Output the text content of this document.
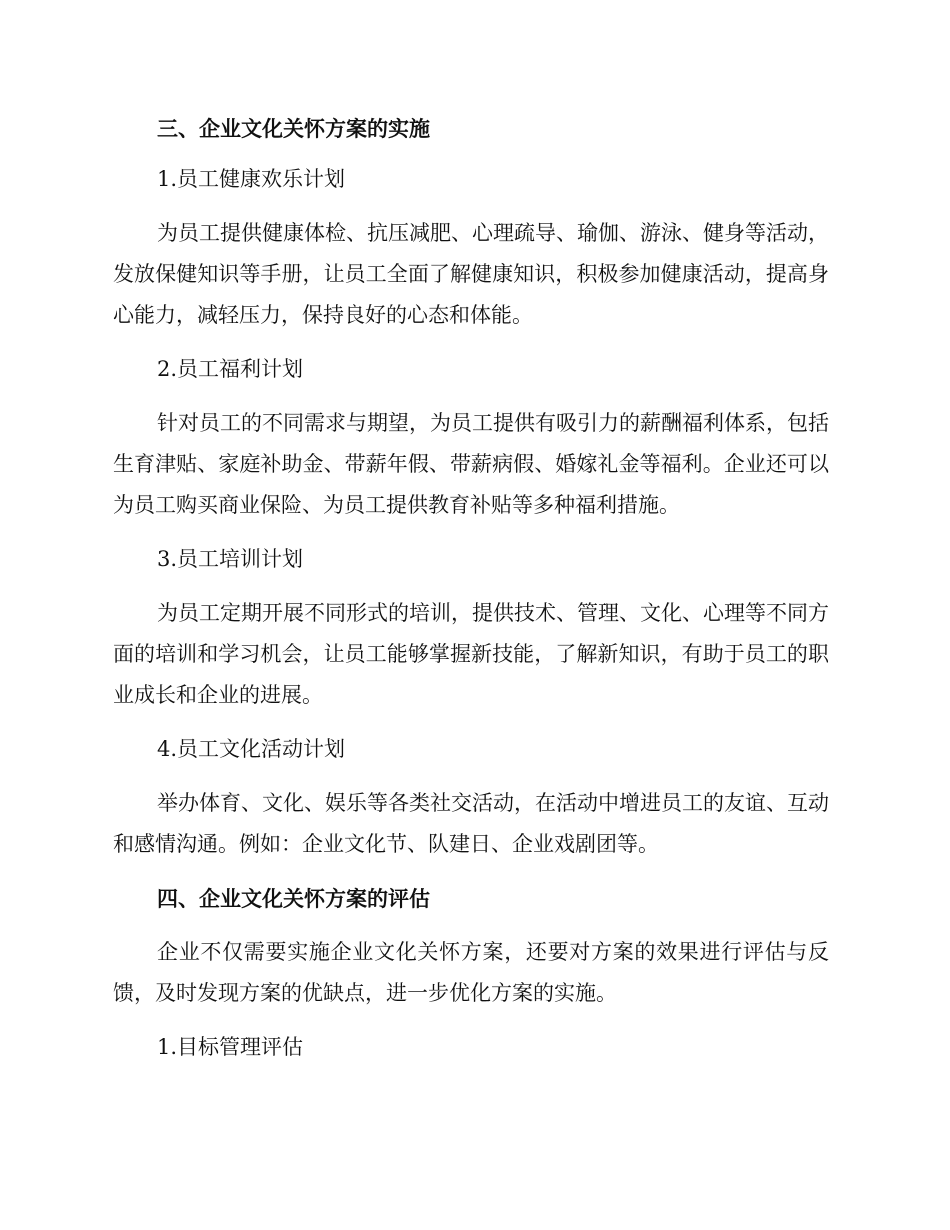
三、企业文化关怀方案的实施

1.员工健康欢乐计划

为员工提供健康体检、抗压减肥、心理疏导、瑜伽、游泳、健身等活动，发放保健知识等手册，让员工全面了解健康知识，积极参加健康活动，提高身心能力，减轻压力，保持良好的心态和体能。

2.员工福利计划

针对员工的不同需求与期望，为员工提供有吸引力的薪酬福利体系，包括生育津贴、家庭补助金、带薪年假、带薪病假、婚嫁礼金等福利。企业还可以为员工购买商业保险、为员工提供教育补贴等多种福利措施。

3.员工培训计划

为员工定期开展不同形式的培训，提供技术、管理、文化、心理等不同方面的培训和学习机会，让员工能够掌握新技能，了解新知识，有助于员工的职业成长和企业的进展。

4.员工文化活动计划

举办体育、文化、娱乐等各类社交活动，在活动中增进员工的友谊、互动和感情沟通。例如：企业文化节、队建日、企业戏剧团等。

四、企业文化关怀方案的评估

企业不仅需要实施企业文化关怀方案，还要对方案的效果进行评估与反馈，及时发现方案的优缺点，进一步优化方案的实施。

1.目标管理评估
